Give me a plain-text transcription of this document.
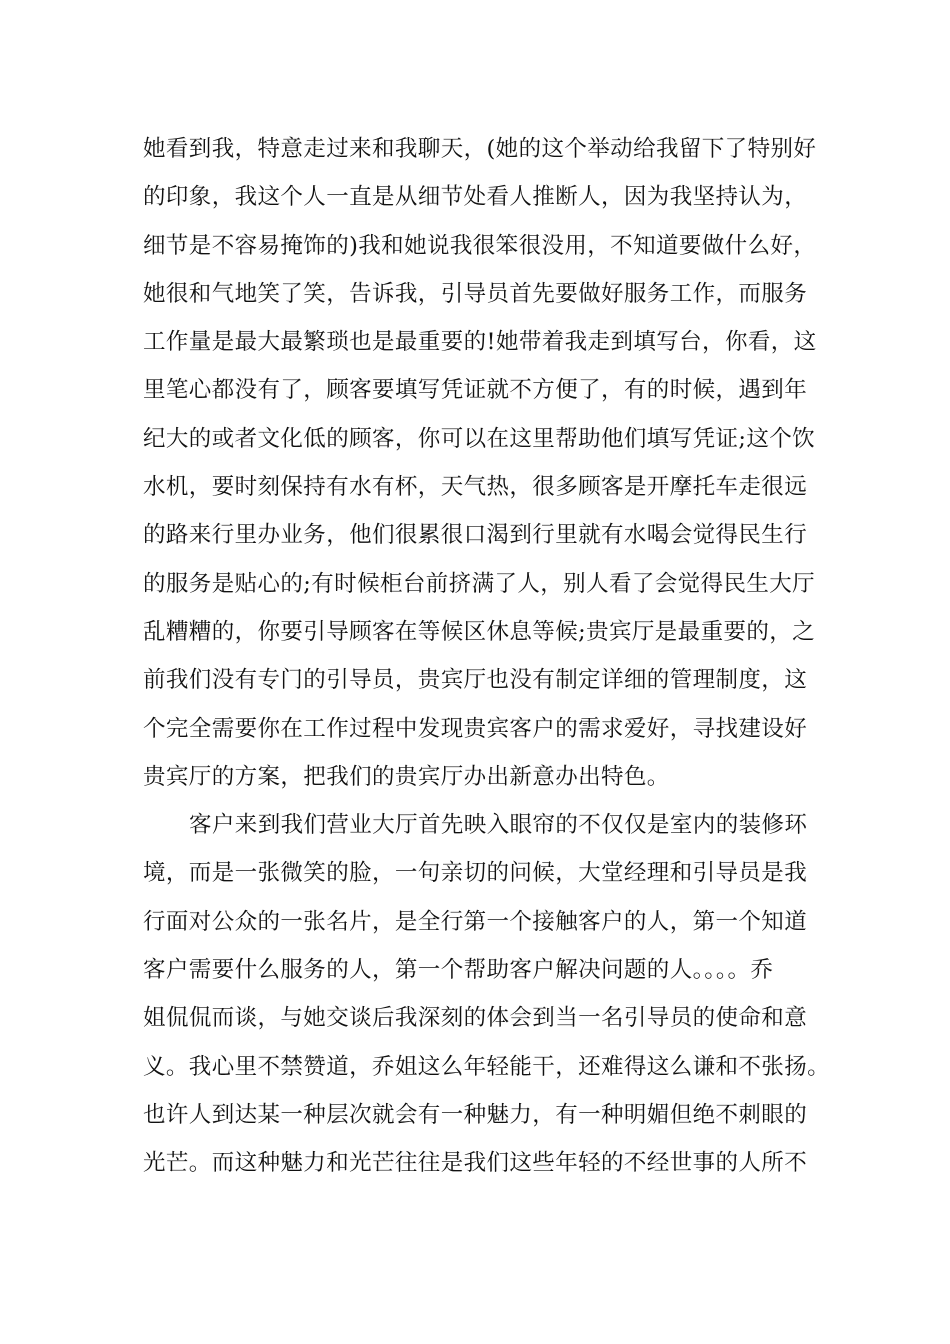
她看到我，特意走过来和我聊天，(她的这个举动给我留下了特别好
的印象，我这个人一直是从细节处看人推断人，因为我坚持认为，
细节是不容易掩饰的)我和她说我很笨很没用，不知道要做什么好，
她很和气地笑了笑，告诉我，引导员首先要做好服务工作，而服务
工作量是最大最繁琐也是最重要的!她带着我走到填写台，你看，这
里笔心都没有了，顾客要填写凭证就不方便了，有的时候，遇到年
纪大的或者文化低的顾客，你可以在这里帮助他们填写凭证;这个饮
水机，要时刻保持有水有杯，天气热，很多顾客是开摩托车走很远
的路来行里办业务，他们很累很口渴到行里就有水喝会觉得民生行
的服务是贴心的;有时候柜台前挤满了人，别人看了会觉得民生大厅
乱糟糟的，你要引导顾客在等候区休息等候;贵宾厅是最重要的，之
前我们没有专门的引导员，贵宾厅也没有制定详细的管理制度，这
个完全需要你在工作过程中发现贵宾客户的需求爱好，寻找建设好
贵宾厅的方案，把我们的贵宾厅办出新意办出特色。
客户来到我们营业大厅首先映入眼帘的不仅仅是室内的装修环
境，而是一张微笑的脸，一句亲切的问候，大堂经理和引导员是我
行面对公众的一张名片，是全行第一个接触客户的人，第一个知道
客户需要什么服务的人，第一个帮助客户解决问题的人。。。。乔
姐侃侃而谈，与她交谈后我深刻的体会到当一名引导员的使命和意
义。我心里不禁赞道，乔姐这么年轻能干，还难得这么谦和不张扬。
也许人到达某一种层次就会有一种魅力，有一种明媚但绝不刺眼的
光芒。而这种魅力和光芒往往是我们这些年轻的不经世事的人所不
